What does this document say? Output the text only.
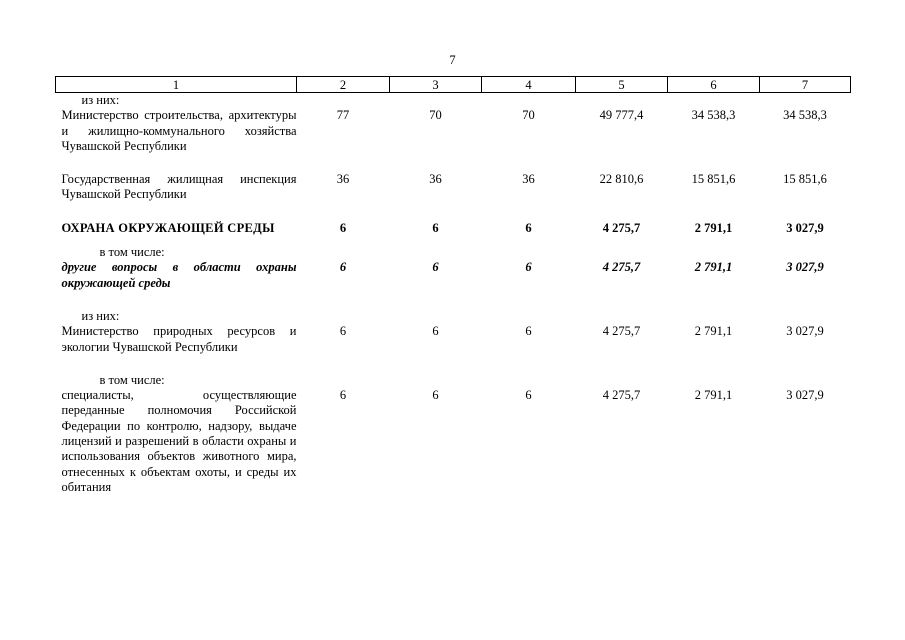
7
1	2	3	4	5	6	7

из них:
Министерство строительства, архитектуры и жилищно-коммунального хозяйства Чувашской Республики	77	70	70	49 777,4	34 538,3	34 538,3

Государственная жилищная инспекция Чувашской Республики	36	36	36	22 810,6	15 851,6	15 851,6

ОХРАНА ОКРУЖАЮЩЕЙ СРЕДЫ	6	6	6	4 275,7	2 791,1	3 027,9

в том числе:
другие вопросы в области охраны окружающей среды	6	6	6	4 275,7	2 791,1	3 027,9

из них:
Министерство природных ресурсов и экологии Чувашской Республики	6	6	6	4 275,7	2 791,1	3 027,9

в том числе:
специалисты, осуществляющие переданные полномочия Российской Федерации по контролю, надзору, выдаче лицензий и разрешений в области охраны и использования объектов животного мира, отнесенных к объектам охоты, и среды их обитания	6	6	6	4 275,7	2 791,1	3 027,9
